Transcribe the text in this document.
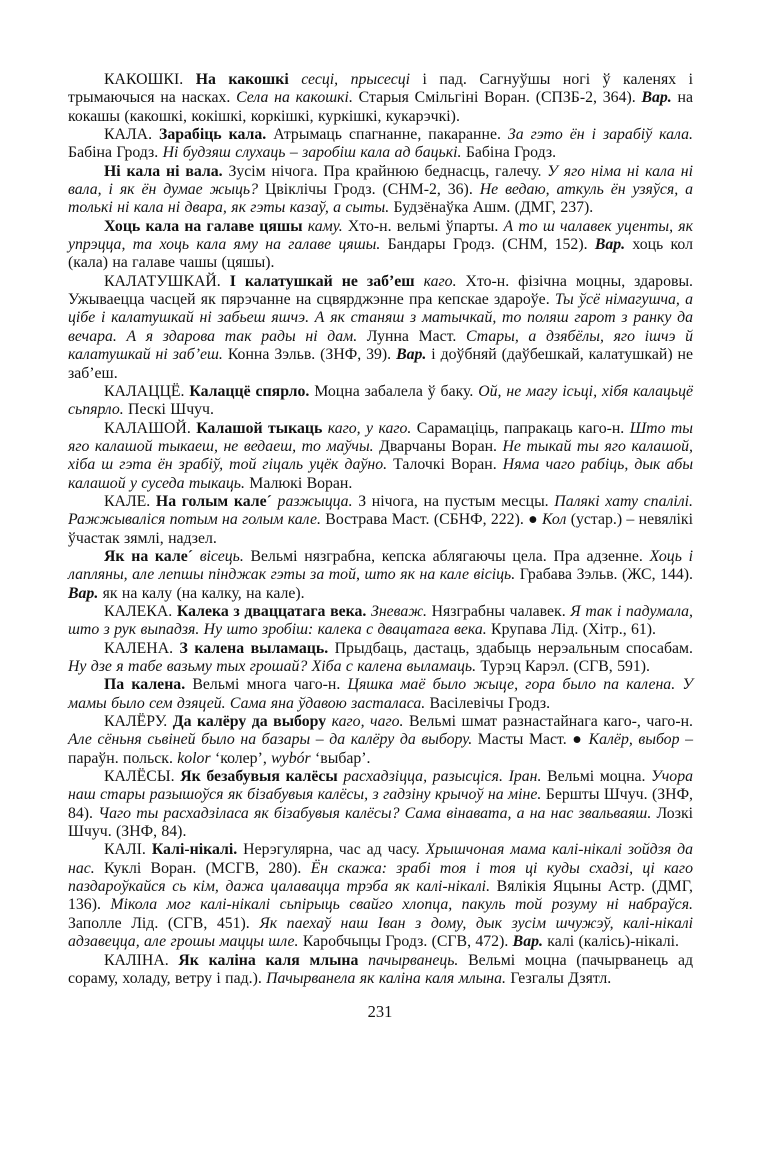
КАКОШКІ. На какошкі сесці, прысесці і пад. Сагнуўшы ногі ў каленях і трымаючыся на насках. Села на какошкі. Старыя Смільгіні Воран. (СПЗБ-2, 364). Вар. на кокашы (какошкі, кокішкі, коркішкі, куркішкі, кукарэчкі).

КАЛА. Зарабіць кала. Атрымаць спагнанне, пакаранне. За гэто ён і зарабіў кала. Бабіна Гродз. Ні будзяш слухаць – заробіш кала ад бацькі. Бабіна Гродз.

Ні кала ні вала. Зусім нічога. Пра крайнюю беднасць, галечу. У яго німа ні кала ні вала, і як ён думае жыць? Цвіклічы Гродз. (СНМ-2, 36). Не ведаю, аткуль ён узяўся, а толькі ні кала ні двара, як гэты казаў, а сыты. Будзёнаўка Ашм. (ДМГ, 237).

Хоць кала на галаве цяшы каму. Хто-н. вельмі ўпарты. А то ш чалавек уценты, як упрэцца, та хоць кала яму на галаве цяшы. Бандары Гродз. (СНМ, 152). Вар. хоць кол (кала) на галаве чашы (цяшы).

КАЛАТУШКАЙ. І калатушкай не заб’еш каго. Хто-н. фізічна моцны, здаровы. Ужываецца часцей як пярэчанне на сцвярджэнне пра кепскае здароўе. Ты ўсё німагушча, а цібе і калатушкай ні забьеш яшчэ. А як станяш з матычкай, то поляш гарот з ранку да вечара. А я здарова так рады ні дам. Лунна Маст. Стары, а дзябёлы, яго ішчэ й калатушкай ні заб’еш. Конна Зэльв. (ЗНФ, 39). Вар. і доўбняй (даўбешкай, калатушкай) не заб’еш.

КАЛАЦЦЁ. Калаццё спярло. Моцна забалела ў баку. Ой, не магу ісьці, хібя калацьцё сьпярло. Пескі Шчуч.

КАЛАШОЙ. Калашой тыкаць каго, у каго. Сарамаціць, папракаць каго-н. Што ты яго калашой тыкаеш, не ведаеш, то маўчы. Дварчаны Воран. Не тыкай ты яго калашой, хіба ш гэта ён зрабіў, той гіцаль уцёк даўно. Талочкі Воран. Няма чаго рабіць, дык абы калашой у суседа тыкаць. Малюкі Воран.

КАЛЕ. На голым кале´ разжыцца. З нічога, на пустым месцы. Палякі хату спалілі. Ражжываліся потым на голым кале. Вострава Маст. (СБНФ, 222). ● Кол (устар.) – невялікі ўчастак зямлі, надзел.

Як на кале´ вісець. Вельмі нязграбна, кепска аблягаючы цела. Пра адзенне. Хоць і лапляны, але лепшы пінджак гэты за той, што як на кале вісіць. Грабава Зэльв. (ЖС, 144). Вар. як на калу (на калку, на кале).

КАЛЕКА. Калека з дваццатага века. Зневаж. Нязграбны чалавек. Я так і падумала, што з рук выпадзя. Ну што зробіш: калека с двацатага века. Крупава Лід. (Хітр., 61).

КАЛЕНА. З калена выламаць. Прыдбаць, дастаць, здабыць нерэальным спосабам. Ну дзе я табе вазьму тых грошай? Хіба с калена выламаць. Турэц Карэл. (СГВ, 591).

Па калена. Вельмі многа чаго-н. Цяшка маё было жыце, гора было па калена. У мамы было сем дзяцей. Сама яна ўдавою засталаса. Васілевічы Гродз.

КАЛЁРУ. Да калёру да выбору каго, чаго. Вельмі шмат разнастайнага каго-, чаго-н. Але сёньня сьвіней было на базары – да калёру да выбору. Масты Маст. ● Калёр, выбор – параўн. польск. kolor ‘колер’, wybór ‘выбар’.

КАЛЁСЫ. Як безабувыя калёсы расхадзіцца, разысціся. Іран. Вельмі моцна. Учора наш стары разышоўся як бізабувыя калёсы, з гадзіну крычоў на міне. Бершты Шчуч. (ЗНФ, 84). Чаго ты расхадзіласа як бізабувыя калёсы? Сама вінавата, а на нас звальваяш. Лозкі Шчуч. (ЗНФ, 84).

КАЛІ. Калі-нікалі. Нерэгулярна, час ад часу. Хрышчоная мама калі-нікалі зойдзя да нас. Куклі Воран. (МСГВ, 280). Ён скажа: зрабі тоя і тоя ці куды схадзі, ці каго паздароўкайся сь кім, дажа цалавацца трэба як калі-нікалі. Вялікія Яцыны Астр. (ДМГ, 136). Мікола мог калі-нікалі сьпірыць свайго хлопца, пакуль той розуму ні набраўся. Заполле Лід. (СГВ, 451). Як паехаў наш Іван з дому, дык зусім шчужэў, калі-нікалі адзавецца, але грошы маццы шле. Каробчыцы Гродз. (СГВ, 472). Вар. калі (калісь)-нікалі.

КАЛІНА. Як каліна каля млына пачырванець. Вельмі моцна (пачырванець ад сораму, холаду, ветру і пад.). Пачырванела як каліна каля млына. Гезгалы Дзятл.

231
